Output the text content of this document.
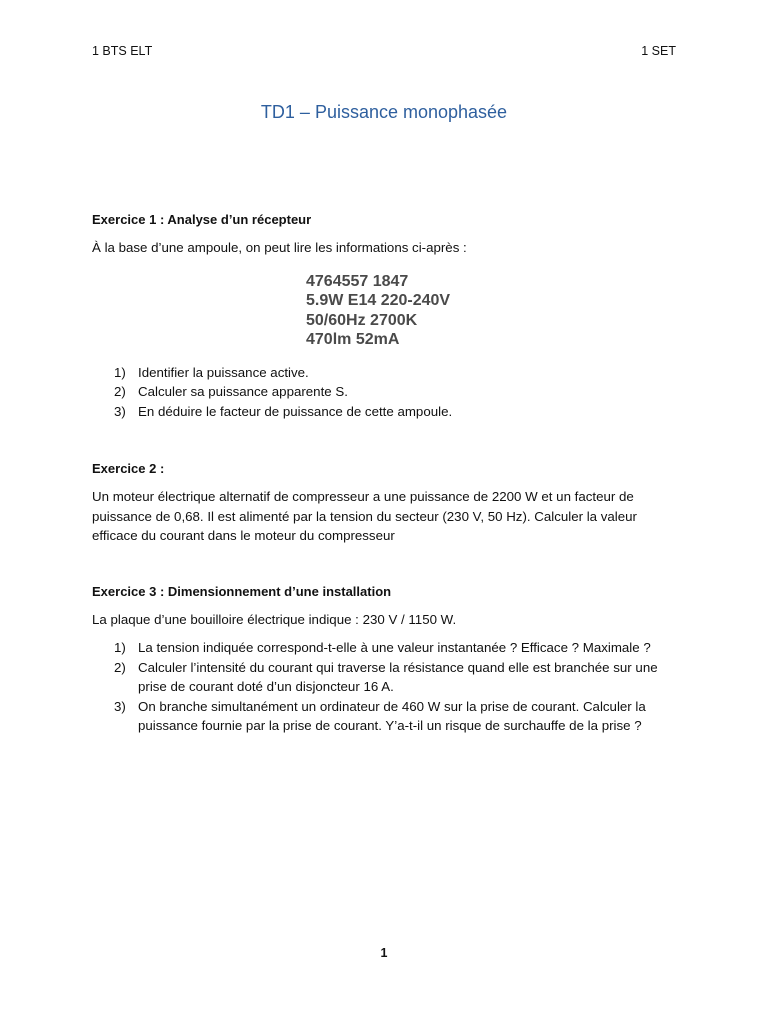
1 BTS ELT	1 SET
TD1 – Puissance monophasée
Exercice 1 : Analyse d’un récepteur

À la base d’une ampoule, on peut lire les informations ci-après :

4764557 1847
5.9W E14 220-240V
50/60Hz 2700K
470lm 52mA
1) Identifier la puissance active.
2) Calculer sa puissance apparente S.
3) En déduire le facteur de puissance de cette ampoule.
Exercice 2 :

Un moteur électrique alternatif de compresseur a une puissance de 2200 W et un facteur de puissance de 0,68. Il est alimenté par la tension du secteur (230 V, 50 Hz). Calculer la valeur efficace du courant dans le moteur du compresseur

Exercice 3 : Dimensionnement d’une installation

La plaque d’une bouilloire électrique indique : 230 V / 1150 W.

1) La tension indiquée correspond-t-elle à une valeur instantanée ? Efficace ? Maximale ?
2) Calculer l’intensité du courant qui traverse la résistance quand elle est branchée sur une prise de courant doté d’un disjoncteur 16 A.
3) On branche simultanément un ordinateur de 460 W sur la prise de courant. Calculer la puissance fournie par la prise de courant. Y’a-t-il un risque de surchauffe de la prise ?
1
